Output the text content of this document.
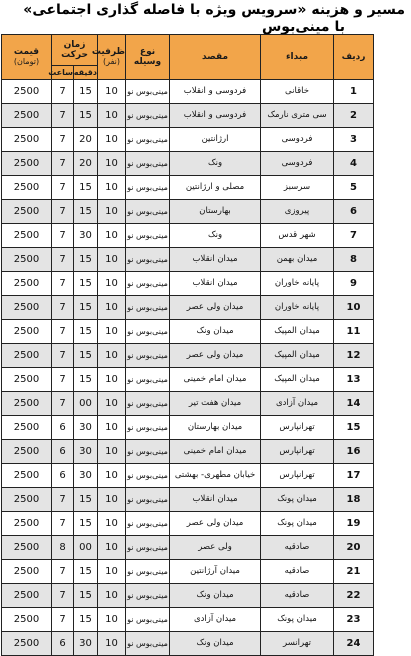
مسیر و هزینه «سرویس ویژه با فاصله گذاری اجتماعی»
با مینی‌بوس
ردیف	مبداء	مقصد	نوع وسیله	ظرفیت
(نفر)	زمان حرکت		قیمت
(تومان)
					دقیقه	ساعت	
1	خاقانی	فردوسی و انقلاب	مینی‌بوس نو	10	15	7	2500
2	سی متری نارمک	فردوسی و انقلاب	مینی‌بوس نو	10	15	7	2500
3	فردوسی	ارژانتین	مینی‌بوس نو	10	20	7	2500
4	فردوسی	ونک	مینی‌بوس نو	10	20	7	2500
5	سرسبز	مصلی و ارژانتین	مینی‌بوس نو	10	15	7	2500
6	پیروزی	بهارستان	مینی‌بوس نو	10	15	7	2500
7	شهر قدس	ونک	مینی‌بوس نو	10	30	7	2500
8	میدان بهمن	میدان انقلاب	مینی‌بوس نو	10	15	7	2500
9	پایانه خاوران	میدان انقلاب	مینی‌بوس نو	10	15	7	2500
10	پایانه خاوران	میدان ولی عصر	مینی‌بوس نو	10	15	7	2500
11	میدان المپیک	میدان ونک	مینی‌بوس نو	10	15	7	2500
12	میدان المپیک	میدان ولی عصر	مینی‌بوس نو	10	15	7	2500
13	میدان المپیک	میدان امام خمینی	مینی‌بوس نو	10	15	7	2500
14	میدان آزادی	میدان هفت تیر	مینی‌بوس نو	10	00	7	2500
15	تهرانپارس	میدان بهارستان	مینی‌بوس نو	10	30	6	2500
16	تهرانپارس	میدان امام خمینی	مینی‌بوس نو	10	30	6	2500
17	تهرانپارس	خیابان مطهری- بهشتی	مینی‌بوس نو	10	30	6	2500
18	میدان پونک	میدان انقلاب	مینی‌بوس نو	10	15	7	2500
19	میدان پونک	میدان ولی عصر	مینی‌بوس نو	10	15	7	2500
20	صادقیه	ولی عصر	مینی‌بوس نو	10	00	8	2500
21	صادقیه	میدان آرژانتین	مینی‌بوس نو	10	15	7	2500
22	صادقیه	میدان ونک	مینی‌بوس نو	10	15	7	2500
23	میدان پونک	میدان آزادی	مینی‌بوس نو	10	15	7	2500
24	تهرانسر	میدان ونک	مینی‌بوس نو	10	30	6	2500
